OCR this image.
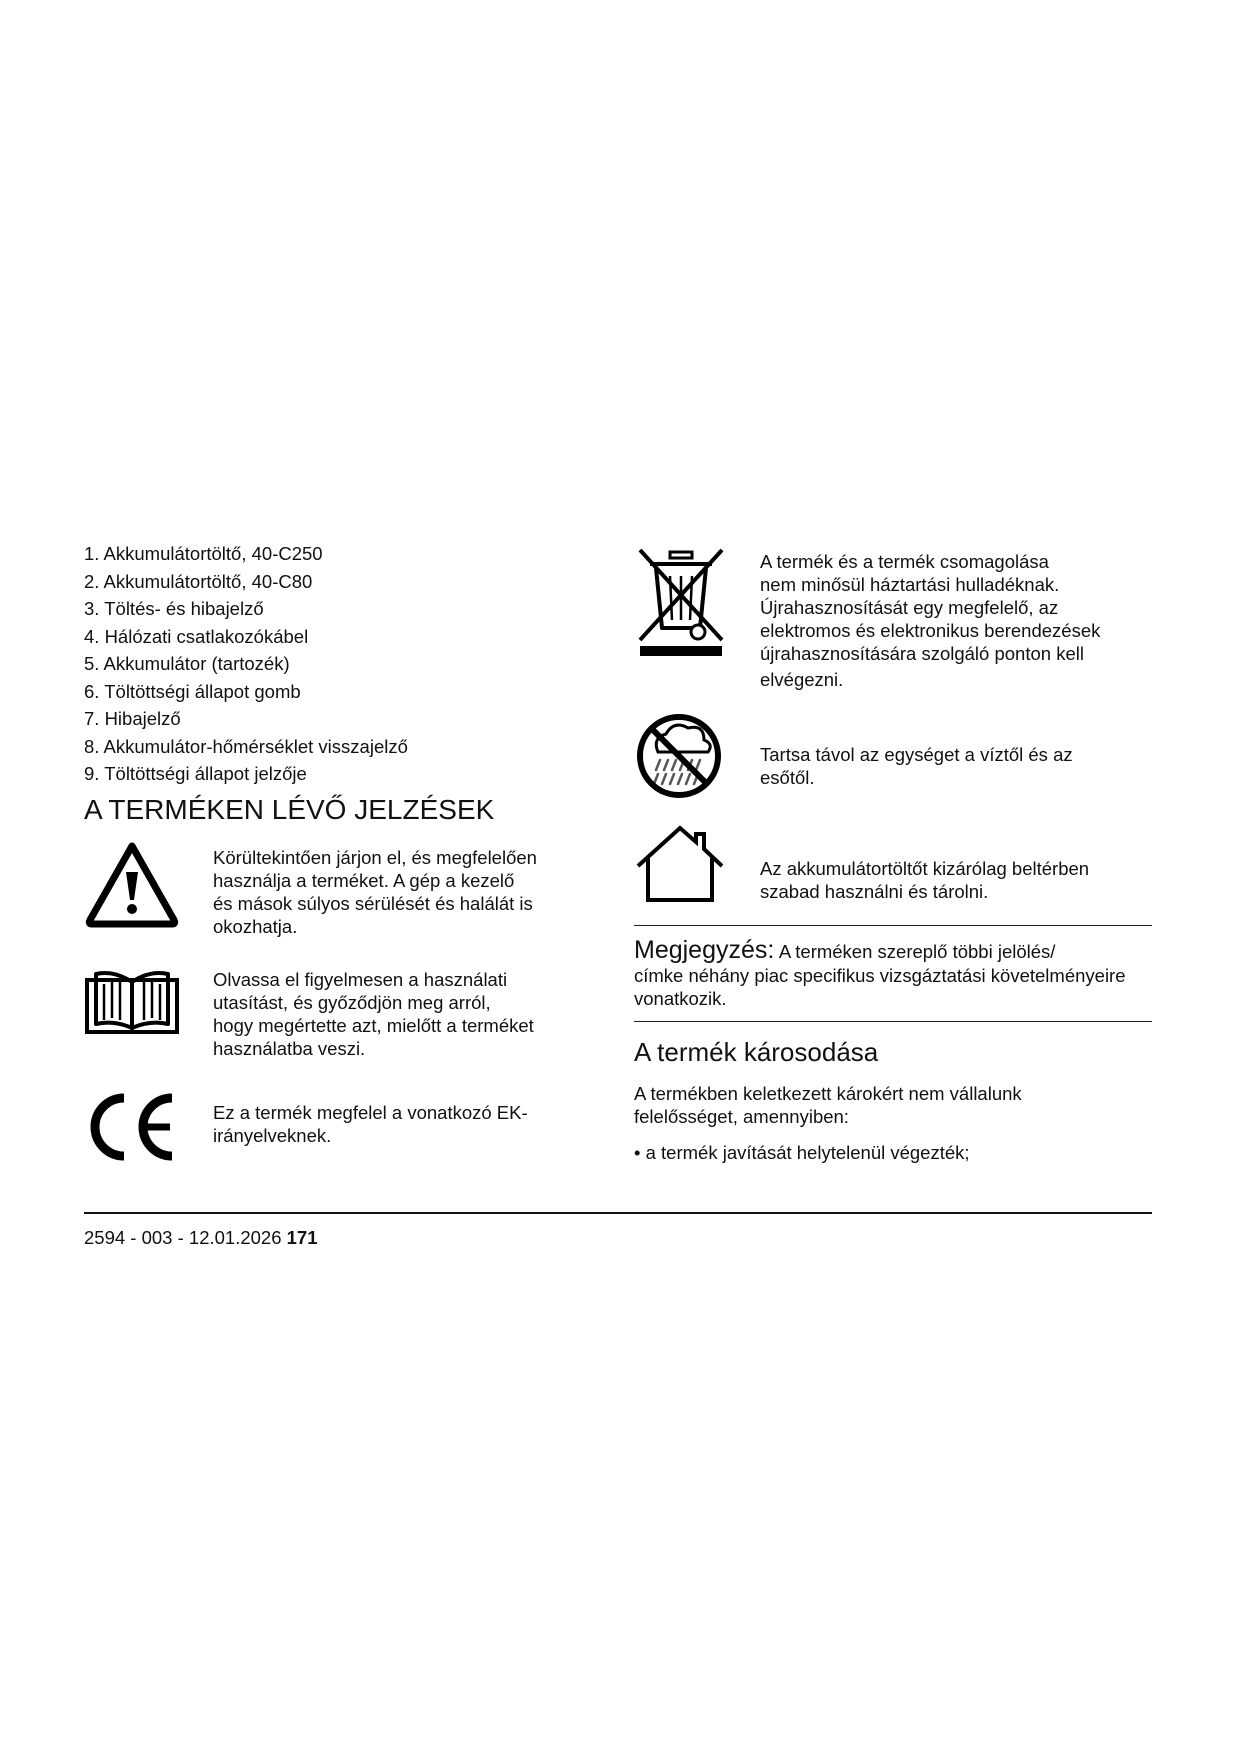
1. Akkumulátortöltő, 40-C250
2. Akkumulátortöltő, 40-C80
3. Töltés- és hibajelző
4. Hálózati csatlakozókábel
5. Akkumulátor (tartozék)
6. Töltöttségi állapot gomb
7. Hibajelző
8. Akkumulátor-hőmérséklet visszajelző
9. Töltöttségi állapot jelzője
A TERMÉKEN LÉVŐ JELZÉSEK
Körültekintően járjon el, és megfelelően
használja a terméket. A gép a kezelő
és mások súlyos sérülését és halálát is
okozhatja.
Olvassa el figyelmesen a használati
utasítást, és győződjön meg arról,
hogy megértette azt, mielőtt a terméket
használatba veszi.
Ez a termék megfelel a vonatkozó EK-
irányelveknek.
A termék és a termék csomagolása
nem minősül háztartási hulladéknak.
Újrahasznosítását egy megfelelő, az
elektromos és elektronikus berendezések
újrahasznosítására szolgáló ponton kell
elvégezni.
Tartsa távol az egységet a víztől és az
esőtől.
Az akkumulátortöltőt kizárólag beltérben
szabad használni és tárolni.
Megjegyzés: A terméken szereplő többi jelölés/
címke néhány piac specifikus vizsgáztatási követelményeire
vonatkozik.
A termék károsodása
A termékben keletkezett károkért nem vállalunk
felelősséget, amennyiben:
• a termék javítását helytelenül végezték;
2594 - 003 - 12.01.2026 171
